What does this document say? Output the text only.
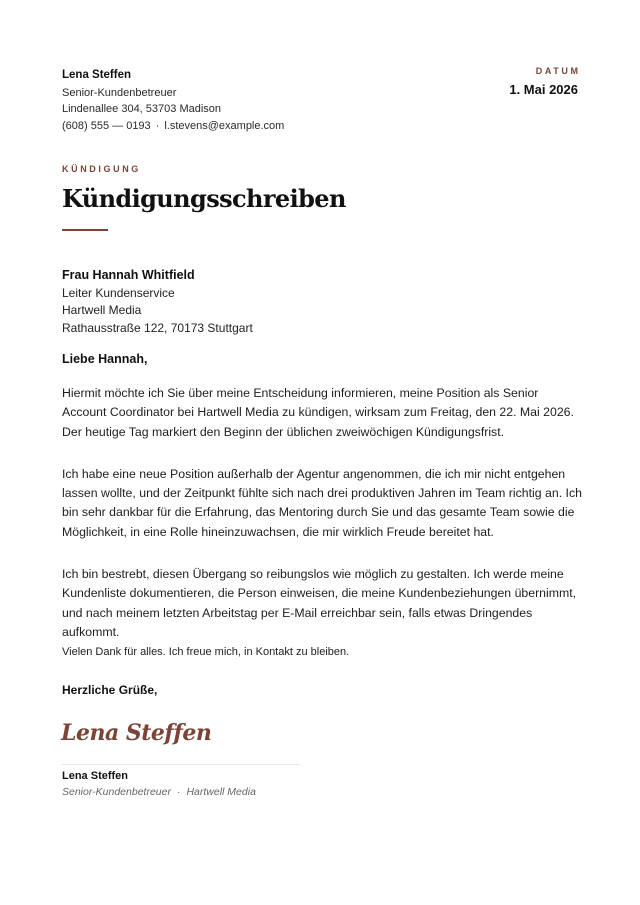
Lena Steffen
Senior-Kundenbetreuer
Lindenallee 304, 53703 Madison
(608) 555 — 0193 · l.stevens@example.com
DATUM
1. Mai 2026
KÜNDIGUNG
Kündigungsschreiben
Frau Hannah Whitfield
Leiter Kundenservice
Hartwell Media
Rathausstraße 122, 70173 Stuttgart
Liebe Hannah,

Hiermit möchte ich Sie über meine Entscheidung informieren, meine Position als Senior Account Coordinator bei Hartwell Media zu kündigen, wirksam zum Freitag, den 22. Mai 2026. Der heutige Tag markiert den Beginn der üblichen zweiwöchigen Kündigungsfrist.

Ich habe eine neue Position außerhalb der Agentur angenommen, die ich mir nicht entgehen lassen wollte, und der Zeitpunkt fühlte sich nach drei produktiven Jahren im Team richtig an. Ich bin sehr dankbar für die Erfahrung, das Mentoring durch Sie und das gesamte Team sowie die Möglichkeit, in eine Rolle hineinzuwachsen, die mir wirklich Freude bereitet hat.

Ich bin bestrebt, diesen Übergang so reibungslos wie möglich zu gestalten. Ich werde meine Kundenliste dokumentieren, die Person einweisen, die meine Kundenbeziehungen übernimmt, und nach meinem letzten Arbeitstag per E-Mail erreichbar sein, falls etwas Dringendes aufkommt.

Vielen Dank für alles. Ich freue mich, in Kontakt zu bleiben.

Herzliche Grüße,
Lena Steffen
Lena Steffen
Senior-Kundenbetreuer · Hartwell Media
